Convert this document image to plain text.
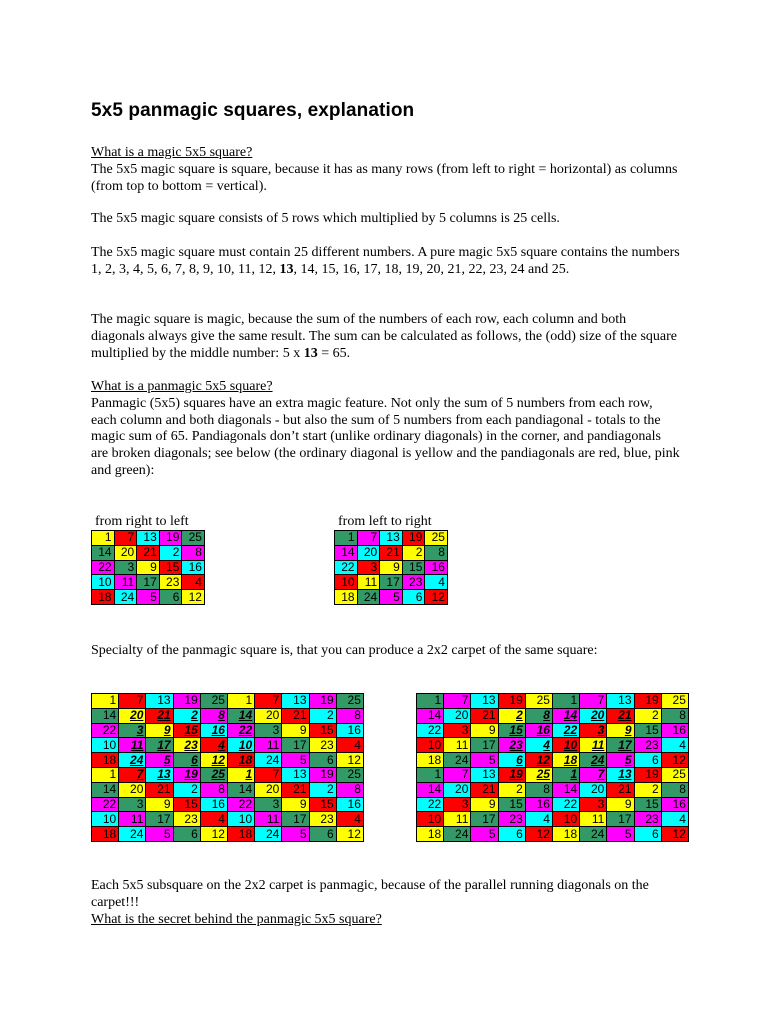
5x5 panmagic squares, explanation

What is a magic 5x5 square?
The 5x5 magic square is square, because it has as many rows (from left to right = horizontal) as columns (from top to bottom = vertical).

The 5x5 magic square consists of 5 rows which multiplied by 5 columns is 25 cells.

The 5x5 magic square must contain 25 different numbers. A pure magic 5x5 square contains the numbers 1, 2, 3, 4, 5, 6, 7, 8, 9, 10, 11, 12, 13, 14, 15, 16, 17, 18, 19, 20, 21, 22, 23, 24 and 25.

The magic square is magic, because the sum of the numbers of each row, each column and both diagonals always give the same result. The sum can be calculated as follows, the (odd) size of the square multiplied by the middle number: 5 x 13 = 65.

What is a panmagic 5x5 square?
Panmagic (5x5) squares have an extra magic feature. Not only the sum of 5 numbers from each row, each column and both diagonals - but also the sum of 5 numbers from each pandiagonal - totals to the magic sum of 65. Pandiagonals don’t start (unlike ordinary diagonals) in the corner, and pandiagonals are broken diagonals; see below (the ordinary diagonal is yellow and the pandiagonals are red, blue, pink and green):

from right to left	from left to right
1	7	13	19	25
14	20	21	2	8
22	3	9	15	16
10	11	17	23	4
18	24	5	6	12
1	7	13	19	25
14	20	21	2	8
22	3	9	15	16
10	11	17	23	4
18	24	5	6	12

Specialty of the panmagic square is, that you can produce a 2x2 carpet of the same square:

1	7	13	19	25	1	7	13	19	25
14	20	21	2	8	14	20	21	2	8
22	3	9	15	16	22	3	9	15	16
10	11	17	23	4	10	11	17	23	4
18	24	5	6	12	18	24	5	6	12
1	7	13	19	25	1	7	13	19	25
14	20	21	2	8	14	20	21	2	8
22	3	9	15	16	22	3	9	15	16
10	11	17	23	4	10	11	17	23	4
18	24	5	6	12	18	24	5	6	12
1	7	13	19	25	1	7	13	19	25
14	20	21	2	8	14	20	21	2	8
22	3	9	15	16	22	3	9	15	16
10	11	17	23	4	10	11	17	23	4
18	24	5	6	12	18	24	5	6	12
1	7	13	19	25	1	7	13	19	25
14	20	21	2	8	14	20	21	2	8
22	3	9	15	16	22	3	9	15	16
10	11	17	23	4	10	11	17	23	4
18	24	5	6	12	18	24	5	6	12

Each 5x5 subsquare on the 2x2 carpet is panmagic, because of the parallel running diagonals on the carpet!!!
What is the secret behind the panmagic 5x5 square?
